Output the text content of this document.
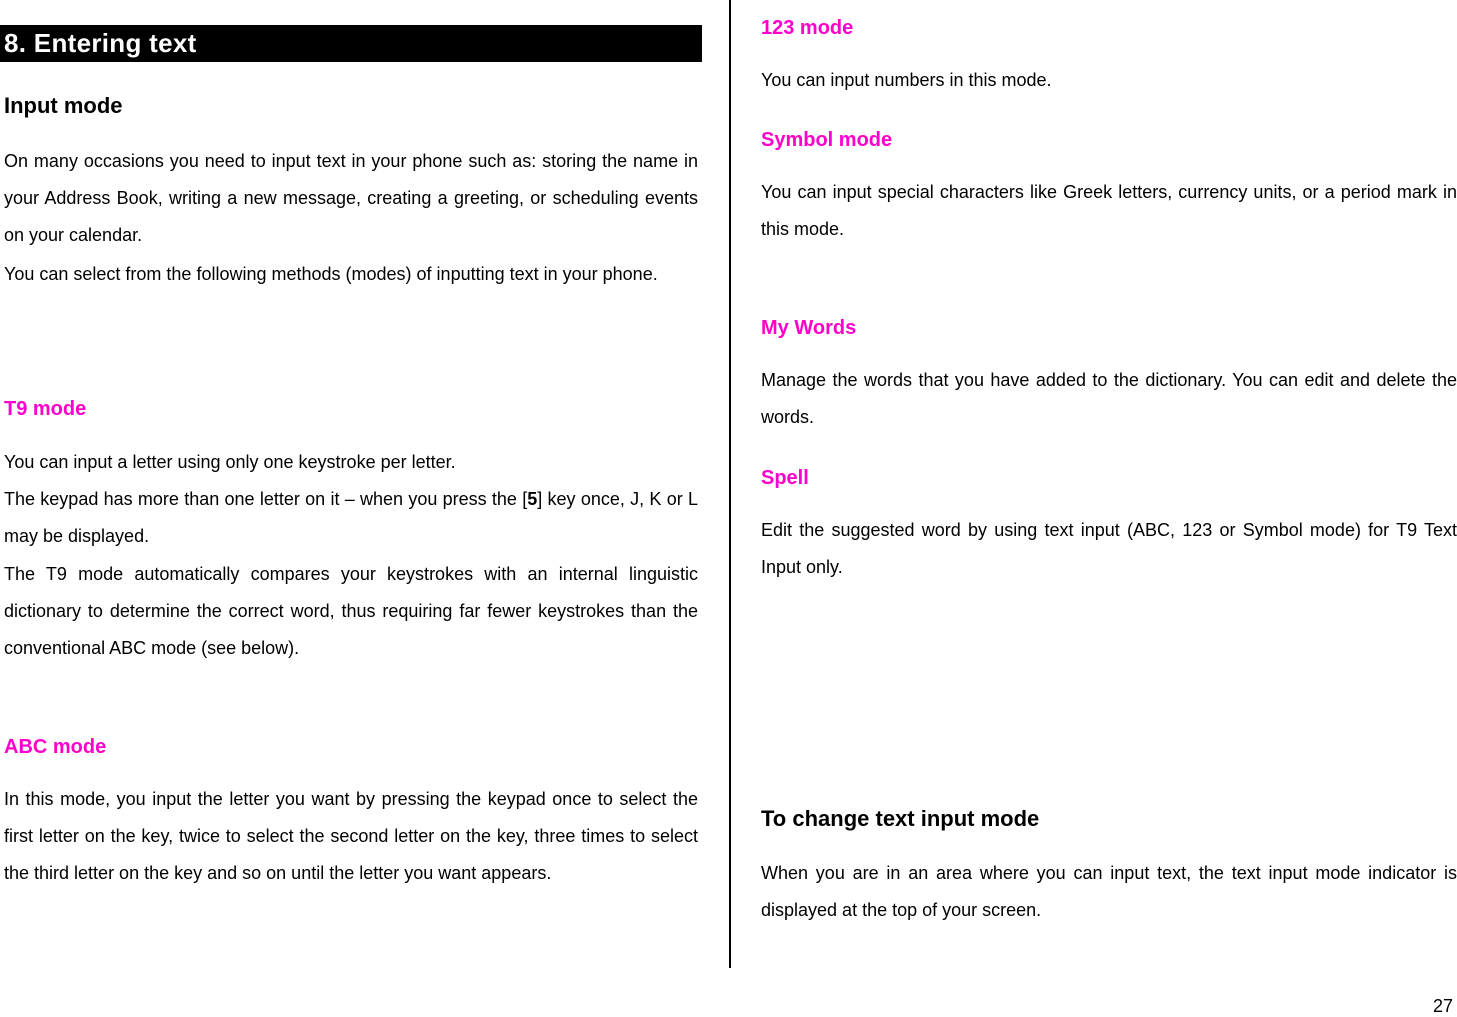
8. Entering text
Input mode

On many occasions you need to input text in your phone such as: storing the name in your Address Book, writing a new message, creating a greeting, or scheduling events on your calendar.

You can select from the following methods (modes) of inputting text in your phone.

T9 mode

You can input a letter using only one keystroke per letter.

The keypad has more than one letter on it – when you press the [5] key once, J, K or L may be displayed.

The T9 mode automatically compares your keystrokes with an internal linguistic dictionary to determine the correct word, thus requiring far fewer keystrokes than the conventional ABC mode (see below).

ABC mode

In this mode, you input the letter you want by pressing the keypad once to select the first letter on the key, twice to select the second letter on the key, three times to select the third letter on the key and so on until the letter you want appears.

123 mode

You can input numbers in this mode.

Symbol mode

You can input special characters like Greek letters, currency units, or a period mark in this mode.

My Words

Manage the words that you have added to the dictionary. You can edit and delete the words.

Spell

Edit the suggested word by using text input (ABC, 123 or Symbol mode) for T9 Text Input only.

To change text input mode

When you are in an area where you can input text, the text input mode indicator is displayed at the top of your screen.

27
